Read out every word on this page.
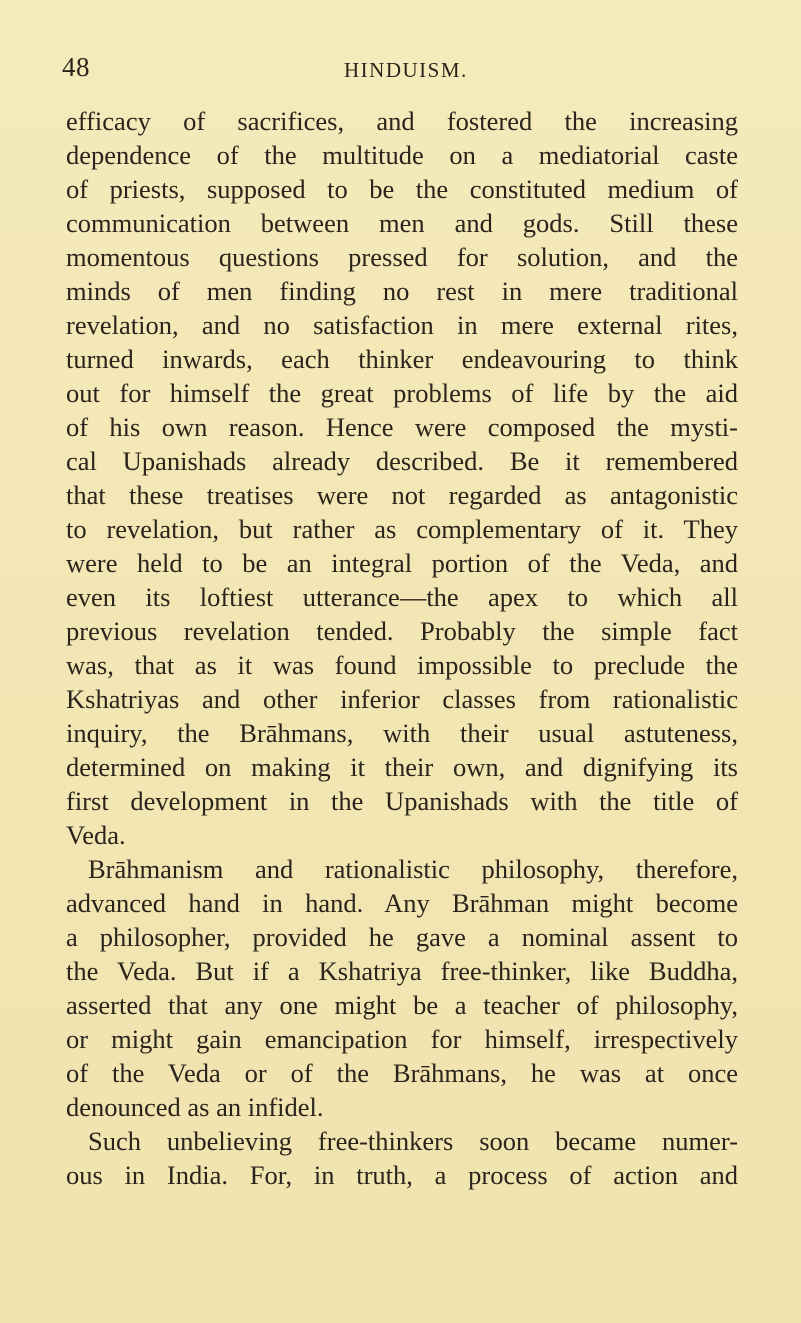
48	HINDUISM.
efficacy of sacrifices, and fostered the increasing
dependence of the multitude on a mediatorial caste
of priests, supposed to be the constituted medium of
communication between men and gods. Still these
momentous questions pressed for solution, and the
minds of men finding no rest in mere traditional
revelation, and no satisfaction in mere external rites,
turned inwards, each thinker endeavouring to think
out for himself the great problems of life by the aid
of his own reason. Hence were composed the mysti-
cal Upanishads already described. Be it remembered
that these treatises were not regarded as antagonistic
to revelation, but rather as complementary of it. They
were held to be an integral portion of the Veda, and
even its loftiest utterance—the apex to which all
previous revelation tended. Probably the simple fact
was, that as it was found impossible to preclude the
Kshatriyas and other inferior classes from rationalistic
inquiry, the Brāhmans, with their usual astuteness,
determined on making it their own, and dignifying its
first development in the Upanishads with the title of
Veda.
Brāhmanism and rationalistic philosophy, therefore,
advanced hand in hand. Any Brāhman might become
a philosopher, provided he gave a nominal assent to
the Veda. But if a Kshatriya free-thinker, like Buddha,
asserted that any one might be a teacher of philosophy,
or might gain emancipation for himself, irrespectively
of the Veda or of the Brāhmans, he was at once
denounced as an infidel.
Such unbelieving free-thinkers soon became numer-
ous in India. For, in truth, a process of action and
